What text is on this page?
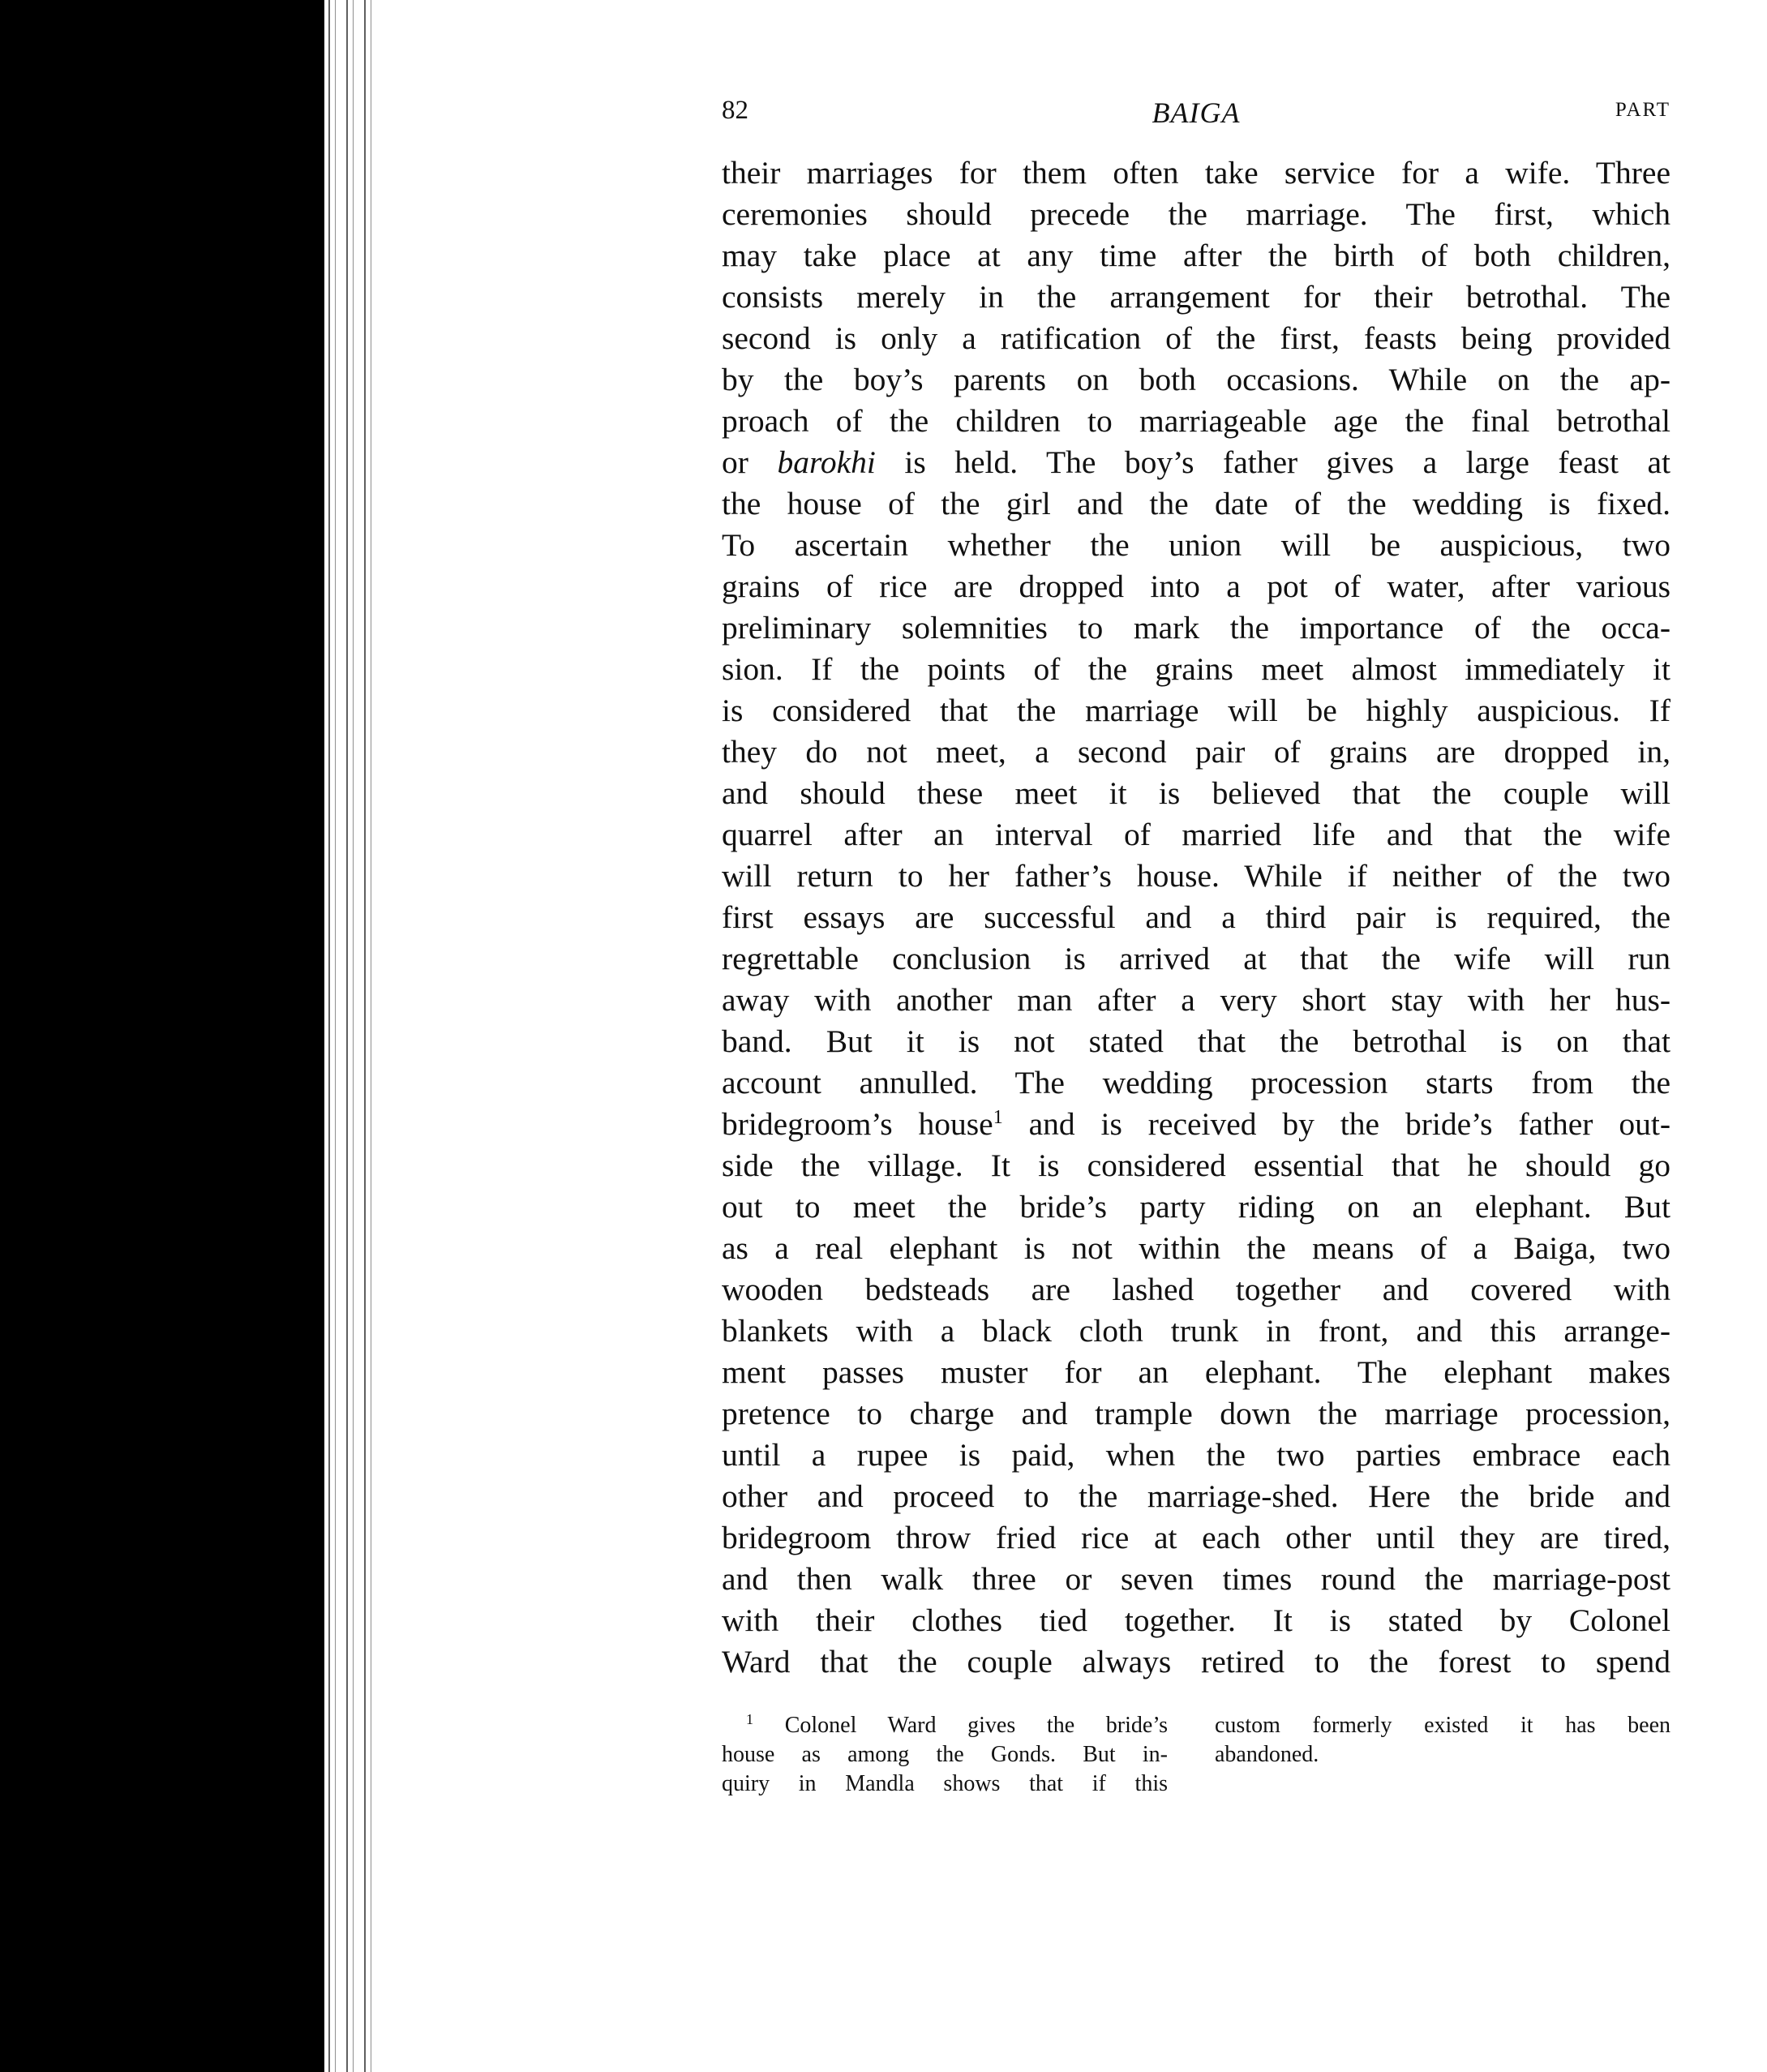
82	BAIGA	PART
their marriages for them often take service for a wife. Three
ceremonies should precede the marriage. The first, which
may take place at any time after the birth of both children,
consists merely in the arrangement for their betrothal. The
second is only a ratification of the first, feasts being provided
by the boy’s parents on both occasions. While on the ap-
proach of the children to marriageable age the final betrothal
or barokhi is held. The boy’s father gives a large feast at
the house of the girl and the date of the wedding is fixed.
To ascertain whether the union will be auspicious, two
grains of rice are dropped into a pot of water, after various
preliminary solemnities to mark the importance of the occa-
sion. If the points of the grains meet almost immediately it
is considered that the marriage will be highly auspicious. If
they do not meet, a second pair of grains are dropped in,
and should these meet it is believed that the couple will
quarrel after an interval of married life and that the wife
will return to her father’s house. While if neither of the two
first essays are successful and a third pair is required, the
regrettable conclusion is arrived at that the wife will run
away with another man after a very short stay with her hus-
band. But it is not stated that the betrothal is on that
account annulled. The wedding procession starts from the
bridegroom’s house$^1$ and is received by the bride’s father out-
side the village. It is considered essential that he should go
out to meet the bride’s party riding on an elephant. But
as a real elephant is not within the means of a Baiga, two
wooden bedsteads are lashed together and covered with
blankets with a black cloth trunk in front, and this arrange-
ment passes muster for an elephant. The elephant makes
pretence to charge and trample down the marriage procession,
until a rupee is paid, when the two parties embrace each
other and proceed to the marriage-shed. Here the bride and
bridegroom throw fried rice at each other until they are tired,
and then walk three or seven times round the marriage-post
with their clothes tied together. It is stated by Colonel
Ward that the couple always retired to the forest to spend
$^1$ Colonel Ward gives the bride’s
house as among the Gonds. But in-
quiry in Mandla shows that if this
custom formerly existed it has been
abandoned.
